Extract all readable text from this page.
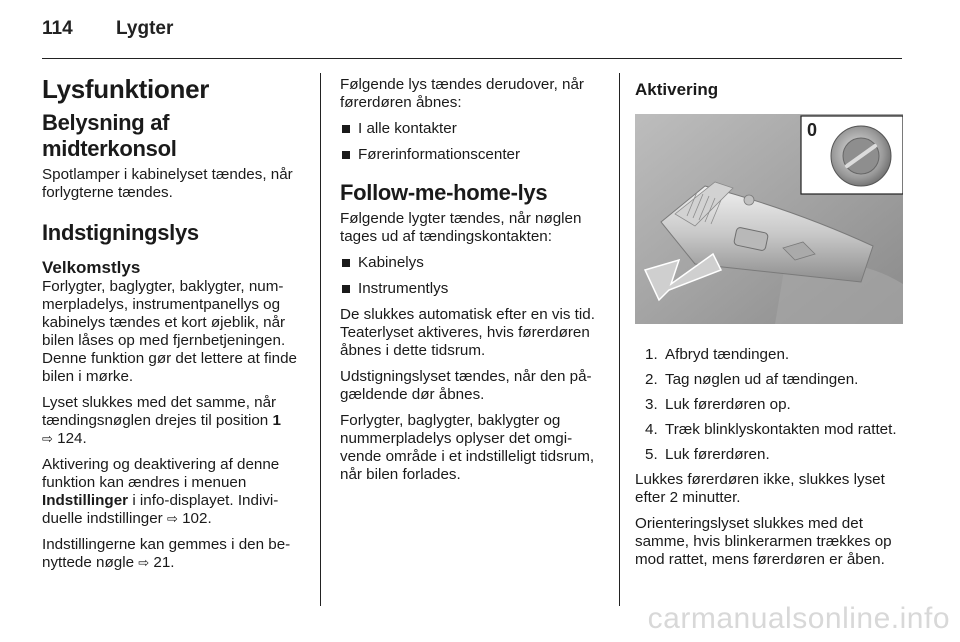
114 Lygter
Lysfunktioner
Belysning af midterkonsol

Spotlamper i kabinelyset tændes, når forlygterne tændes.

Indstigningslys
Velkomstlys

Forlygter, baglygter, baklygter, nummerpladelys, instrumentpanellys og kabinelys tændes et kort øjeblik, når bilen låses op med fjernbetjeningen. Denne funktion gør det lettere at finde bilen i mørke.

Lyset slukkes med det samme, når tændingsnøglen drejes til position 1
⇨ 124.

Aktivering og deaktivering af denne funktion kan ændres i menuen Indstillinger i info-displayet. Individuelle indstillinger ⇨ 102.

Indstillingerne kan gemmes i den benyttede nøgle ⇨ 21.

Følgende lys tændes derudover, når førerdøren åbnes:

I alle kontakter
Førerinformationscenter
Follow-me-home-lys

Følgende lygter tændes, når nøglen tages ud af tændingskontakten:

Kabinelys
Instrumentlys

De slukkes automatisk efter en vis tid. Teaterlyset aktiveres, hvis førerdøren åbnes i dette tidsrum.

Udstigningslyset tændes, når den pågældende dør åbnes.

Forlygter, baglygter, baklygter og nummerpladelys oplyser det omgivende område i et indstilleligt tidsrum, når bilen forlades.

Aktivering
0
1. Afbryd tændingen.
2. Tag nøglen ud af tændingen.
3. Luk førerdøren op.
4. Træk blinklyskontakten mod rattet.
5. Luk førerdøren.

Lukkes førerdøren ikke, slukkes lyset efter 2 minutter.

Orienteringslyset slukkes med det samme, hvis blinkerarmen trækkes op mod rattet, mens førerdøren er åben.

carmanualsonline.info
